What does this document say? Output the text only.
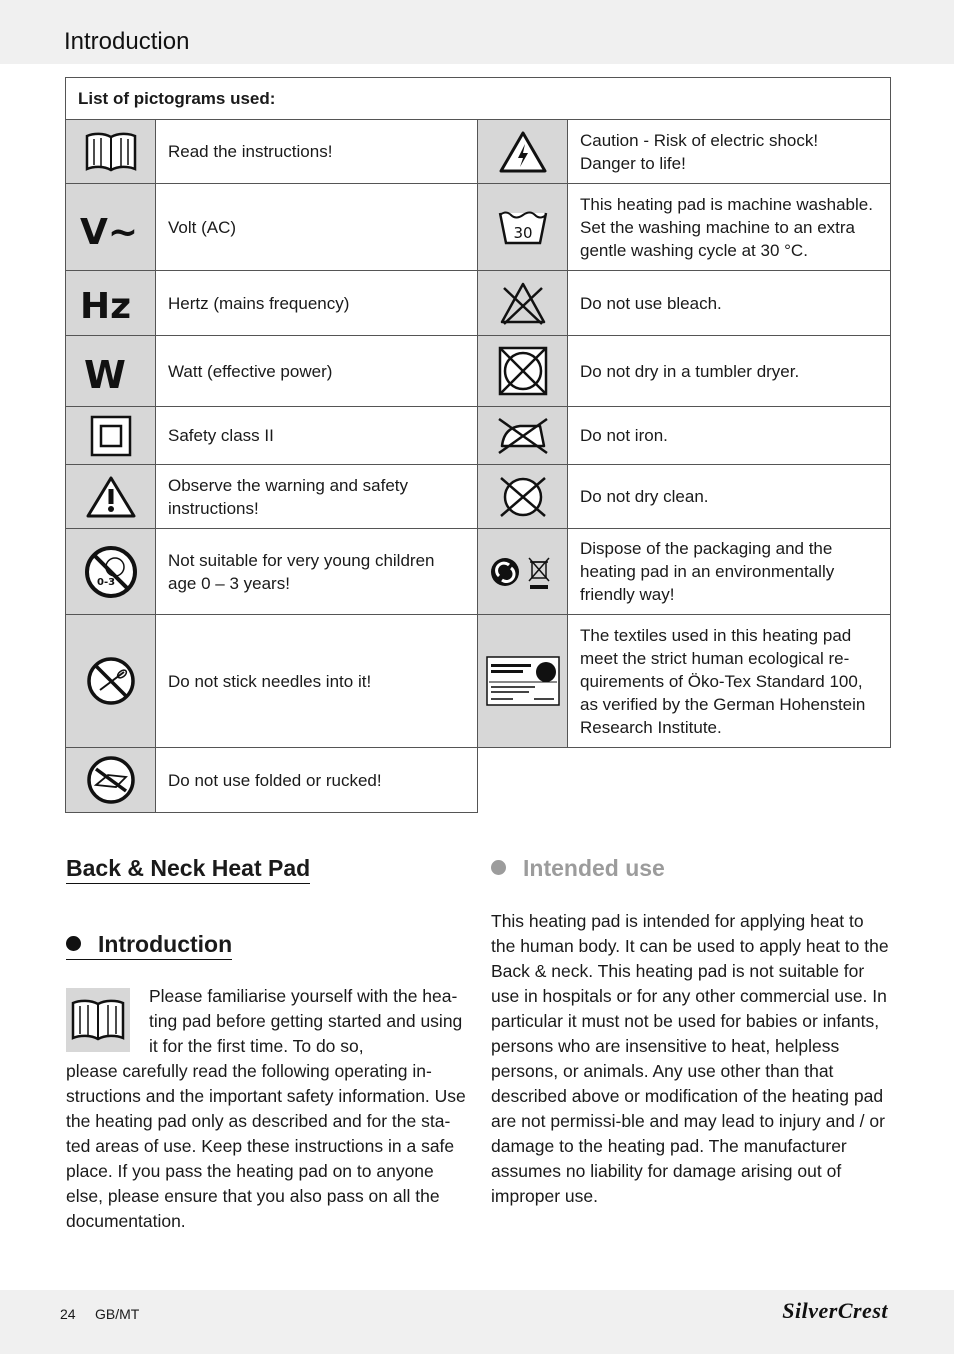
Introduction
List of pictograms used:			

	Read the instructions!		Caution - Risk of electric shock! Danger to life!

V~	Volt (AC)	30	This heating pad is machine washable. Set the washing machine to an extra gentle washing cycle at 30 °C.

Hz	Hertz (mains frequency)		Do not use bleach.

W	Watt (effective power)		Do not dry in a tumbler dryer.

	Safety class II		Do not iron.

	Observe the warning and safety instructions!		Do not dry clean.

0-3	Not suitable for very young children age 0 – 3 years!		Dispose of the packaging and the heating pad in an environmentally friendly way!

	Do not stick needles into it!		The textiles used in this heating pad meet the strict human ecological re-quirements of Öko-Tex Standard 100, as verified by the German Hohenstein Research Institute.

	Do not use folded or rucked!		
Back & Neck Heat Pad
Introduction

Please familiarise yourself with the hea-ting pad before getting started and using it for the first time. To do so,

please carefully read the following operating in-structions and the important safety information. Use the heating pad only as described and for the sta-ted areas of use. Keep these instructions in a safe place. If you pass the heating pad on to anyone else, please ensure that you also pass on all the documentation.

Intended use

This heating pad is intended for applying heat to the human body. It can be used to apply heat to the Back & neck. This heating pad is not suitable for use in hospitals or for any other commercial use. In particular it must not be used for babies or infants, persons who are insensitive to heat, helpless persons, or animals. Any use other than that described above or modification of the heating pad are not permissi-ble and may lead to injury and / or damage to the heating pad. The manufacturer assumes no liability for damage arising out of improper use.

24 GB/MT	SilverCrest
